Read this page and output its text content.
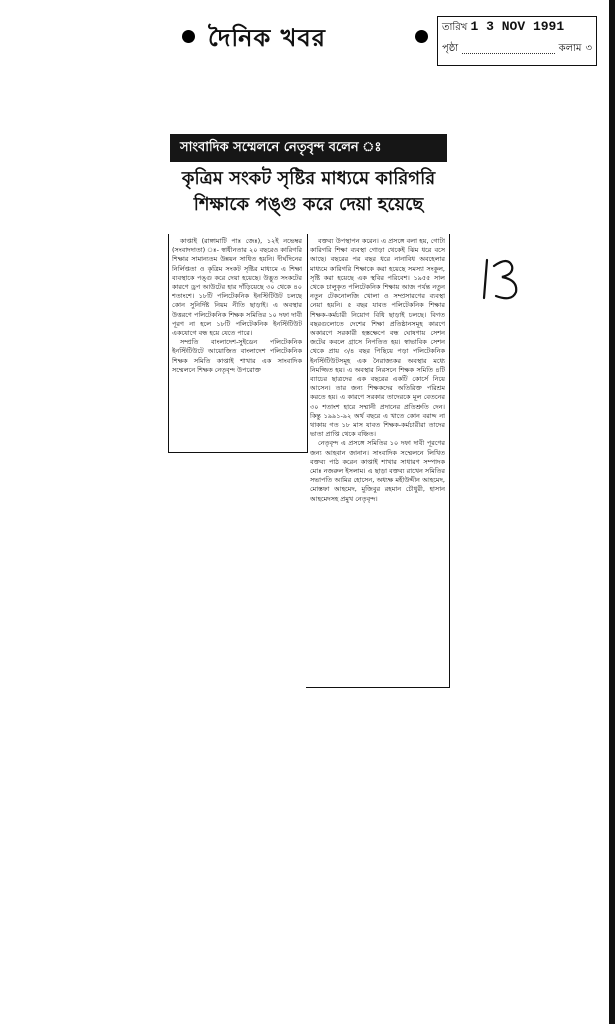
দৈনিক খবর	তারিখ 1 3 NOV 1991
পৃষ্ঠা	কলাম ৩
সাংবাদিক সম্মেলনে নেতৃবৃন্দ বলেন ঃ
কৃত্রিম সংকট সৃষ্টির মাধ্যমে কারিগরি শিক্ষাকে পঙ্গু করে দেয়া হয়েছে

কাপ্তাই (রাঙ্গামাটি পাঃ জেঃ), ১২ই নভেম্বর (সংবাদদাতা) ঃ- স্বাধীনতার ২০ বছরেও কারিগরি শিক্ষার সামান্যতম উন্নয়ন সাধিত হয়নি। দীর্ঘদিনের নির্লিপ্ততা ও কৃত্রিম সংকট সৃষ্টির মাধ্যমে এ শিক্ষা ব্যবস্থাকে পঙ্গু করে দেয়া হয়েছে। উদ্ভূত সংকটের কারণে ড্রপ আউটের হার দাঁড়িয়েছে ৩০ থেকে ৪০ শতাংশে। ১৮টি পলিটেকনিক ইনস্টিটিউট চলছে কোন সুনির্দিষ্ট নিয়ম নীতি ছাড়াই। এ অবস্থার উত্তরণে পলিটেকনিক শিক্ষক সমিতির ১০ দফা দাবী পূরণ না হলে ১৮টি পলিটেকনিক ইনস্টিটিউট একযোগে বন্ধ হয়ে যেতে পারে।

সম্প্রতি বাংলাদেশ-সুইডেন পলিটেকনিক ইনস্টিটিউটে আয়োজিত বাংলাদেশ পলিটেকনিক শিক্ষক সমিতি কাপ্তাই শাখার এক সাংবাদিক সম্মেলনে শিক্ষক নেতৃবৃন্দ উপরোক্ত

বক্তব্য উপস্থাপন করেন। এ প্রসঙ্গে বলা হয়, গোটা কারিগরি শিক্ষা ব্যবস্থা গোড়া থেকেই ঝিম ধরে বসে আছে। বছরের পর বছর ধরে নানাবিধ অবহেলার মাধ্যমে কারিগরি শিক্ষাকে করা হয়েছে সমস্যা সংকুল, সৃষ্টি করা হয়েছে এক স্থবির পরিবেশ। ১৯৫৫ সাল থেকে চালুকৃত পলিটেকনিক শিক্ষায় আজ পর্যন্ত নতুন নতুন টেকনোলজি খোলা ও সম্প্রসারণের ব্যবস্থা নেয়া হয়নি। ৫ বছর যাবত পলিটেকনিক শিক্ষার শিক্ষক-কর্মচারী নিয়োগ বিধি ছাড়াই চলছে। বিগত বছরগুলোতে দেশের শিক্ষা প্রতিষ্ঠানসমূহ কারণে অকারণে সরকারী হস্তক্ষেপে বন্ধ ঘোষণায় সেশন জটের কবলে গ্রাসে নিপতিত হয়। স্বাভাবিক সেশন থেকে প্রায় ৩/৪ বছর পিছিয়ে পড়া পলিটেকনিক ইনস্টিটিউটসমূহ এক নৈরাজ্যকর অবস্থার মধ্যে নিমজ্জিত হয়। এ অবস্থার নিরসনে শিক্ষক সমিতি ৪টি ব্যাচের ছাত্রদের এক বছরের একটি কোর্সে নিয়ে আসেন। তার জন্য শিক্ষকদের অতিরিক্ত পরিশ্রম করতে হয়। এ কারণে সরকার তাদেরকে মূল বেতনের ৩০ শতাংশ হারে সম্মানী প্রদানের প্রতিশ্রুতি দেন। কিন্তু ১৯৯১-৯২ অর্থ বছরে এ খাতে কোন বরাদ্দ না থাকায় গত ১৮ মাস যাবত শিক্ষক-কর্মচারীরা তাদের ভাতা প্রাপ্তি থেকে বঞ্চিত।

নেতৃবৃন্দ এ প্রসঙ্গে সমিতির ১০ দফা দাবী পূরণের জন্য আহবান জানান। সাংবাদিক সম্মেলনে লিখিত বক্তব্য পাঠ করেন কাপ্তাই শাখার সাধারণ সম্পাদক মোঃ নজরুল ইসলাম। এ ছাড়া বক্তব্য রাখেন সমিতির সভাপতি আমির হোসেন, অধ্যক্ষ মহীউদ্দীন আহমেদ, মোস্তফা আহমেদ, মুজিবুর রহমান চৌধুরী, হাসান আহমেদসহ প্রমুখ নেতৃবৃন্দ।
